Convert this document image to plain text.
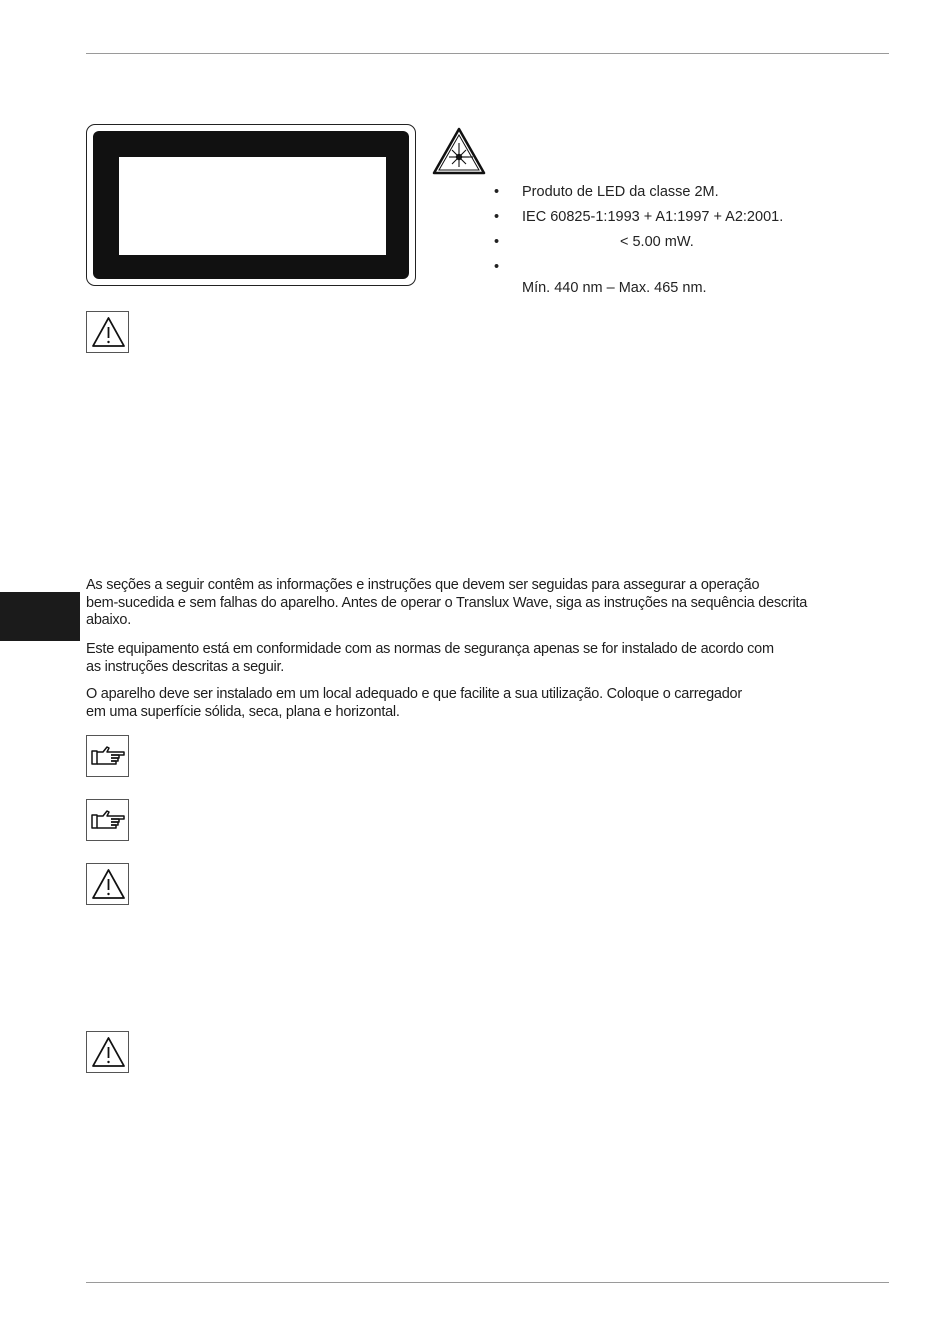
• Produto de LED da classe 2M.
• IEC 60825-1:1993 + A1:1997 + A2:2001.
•	< 5.00 mW.
•

Mín. 440 nm – Max. 465 nm.

As seções a seguir contêm as informações e instruções que devem ser seguidas para assegurar a operação
bem-sucedida e sem falhas do aparelho. Antes de operar o Translux Wave, siga as instruções na sequência descrita
abaixo.

Este equipamento está em conformidade com as normas de segurança apenas se for instalado de acordo com
as instruções descritas a seguir.

O aparelho deve ser instalado em um local adequado e que facilite a sua utilização. Coloque o carregador
em uma superfície sólida, seca, plana e horizontal.
